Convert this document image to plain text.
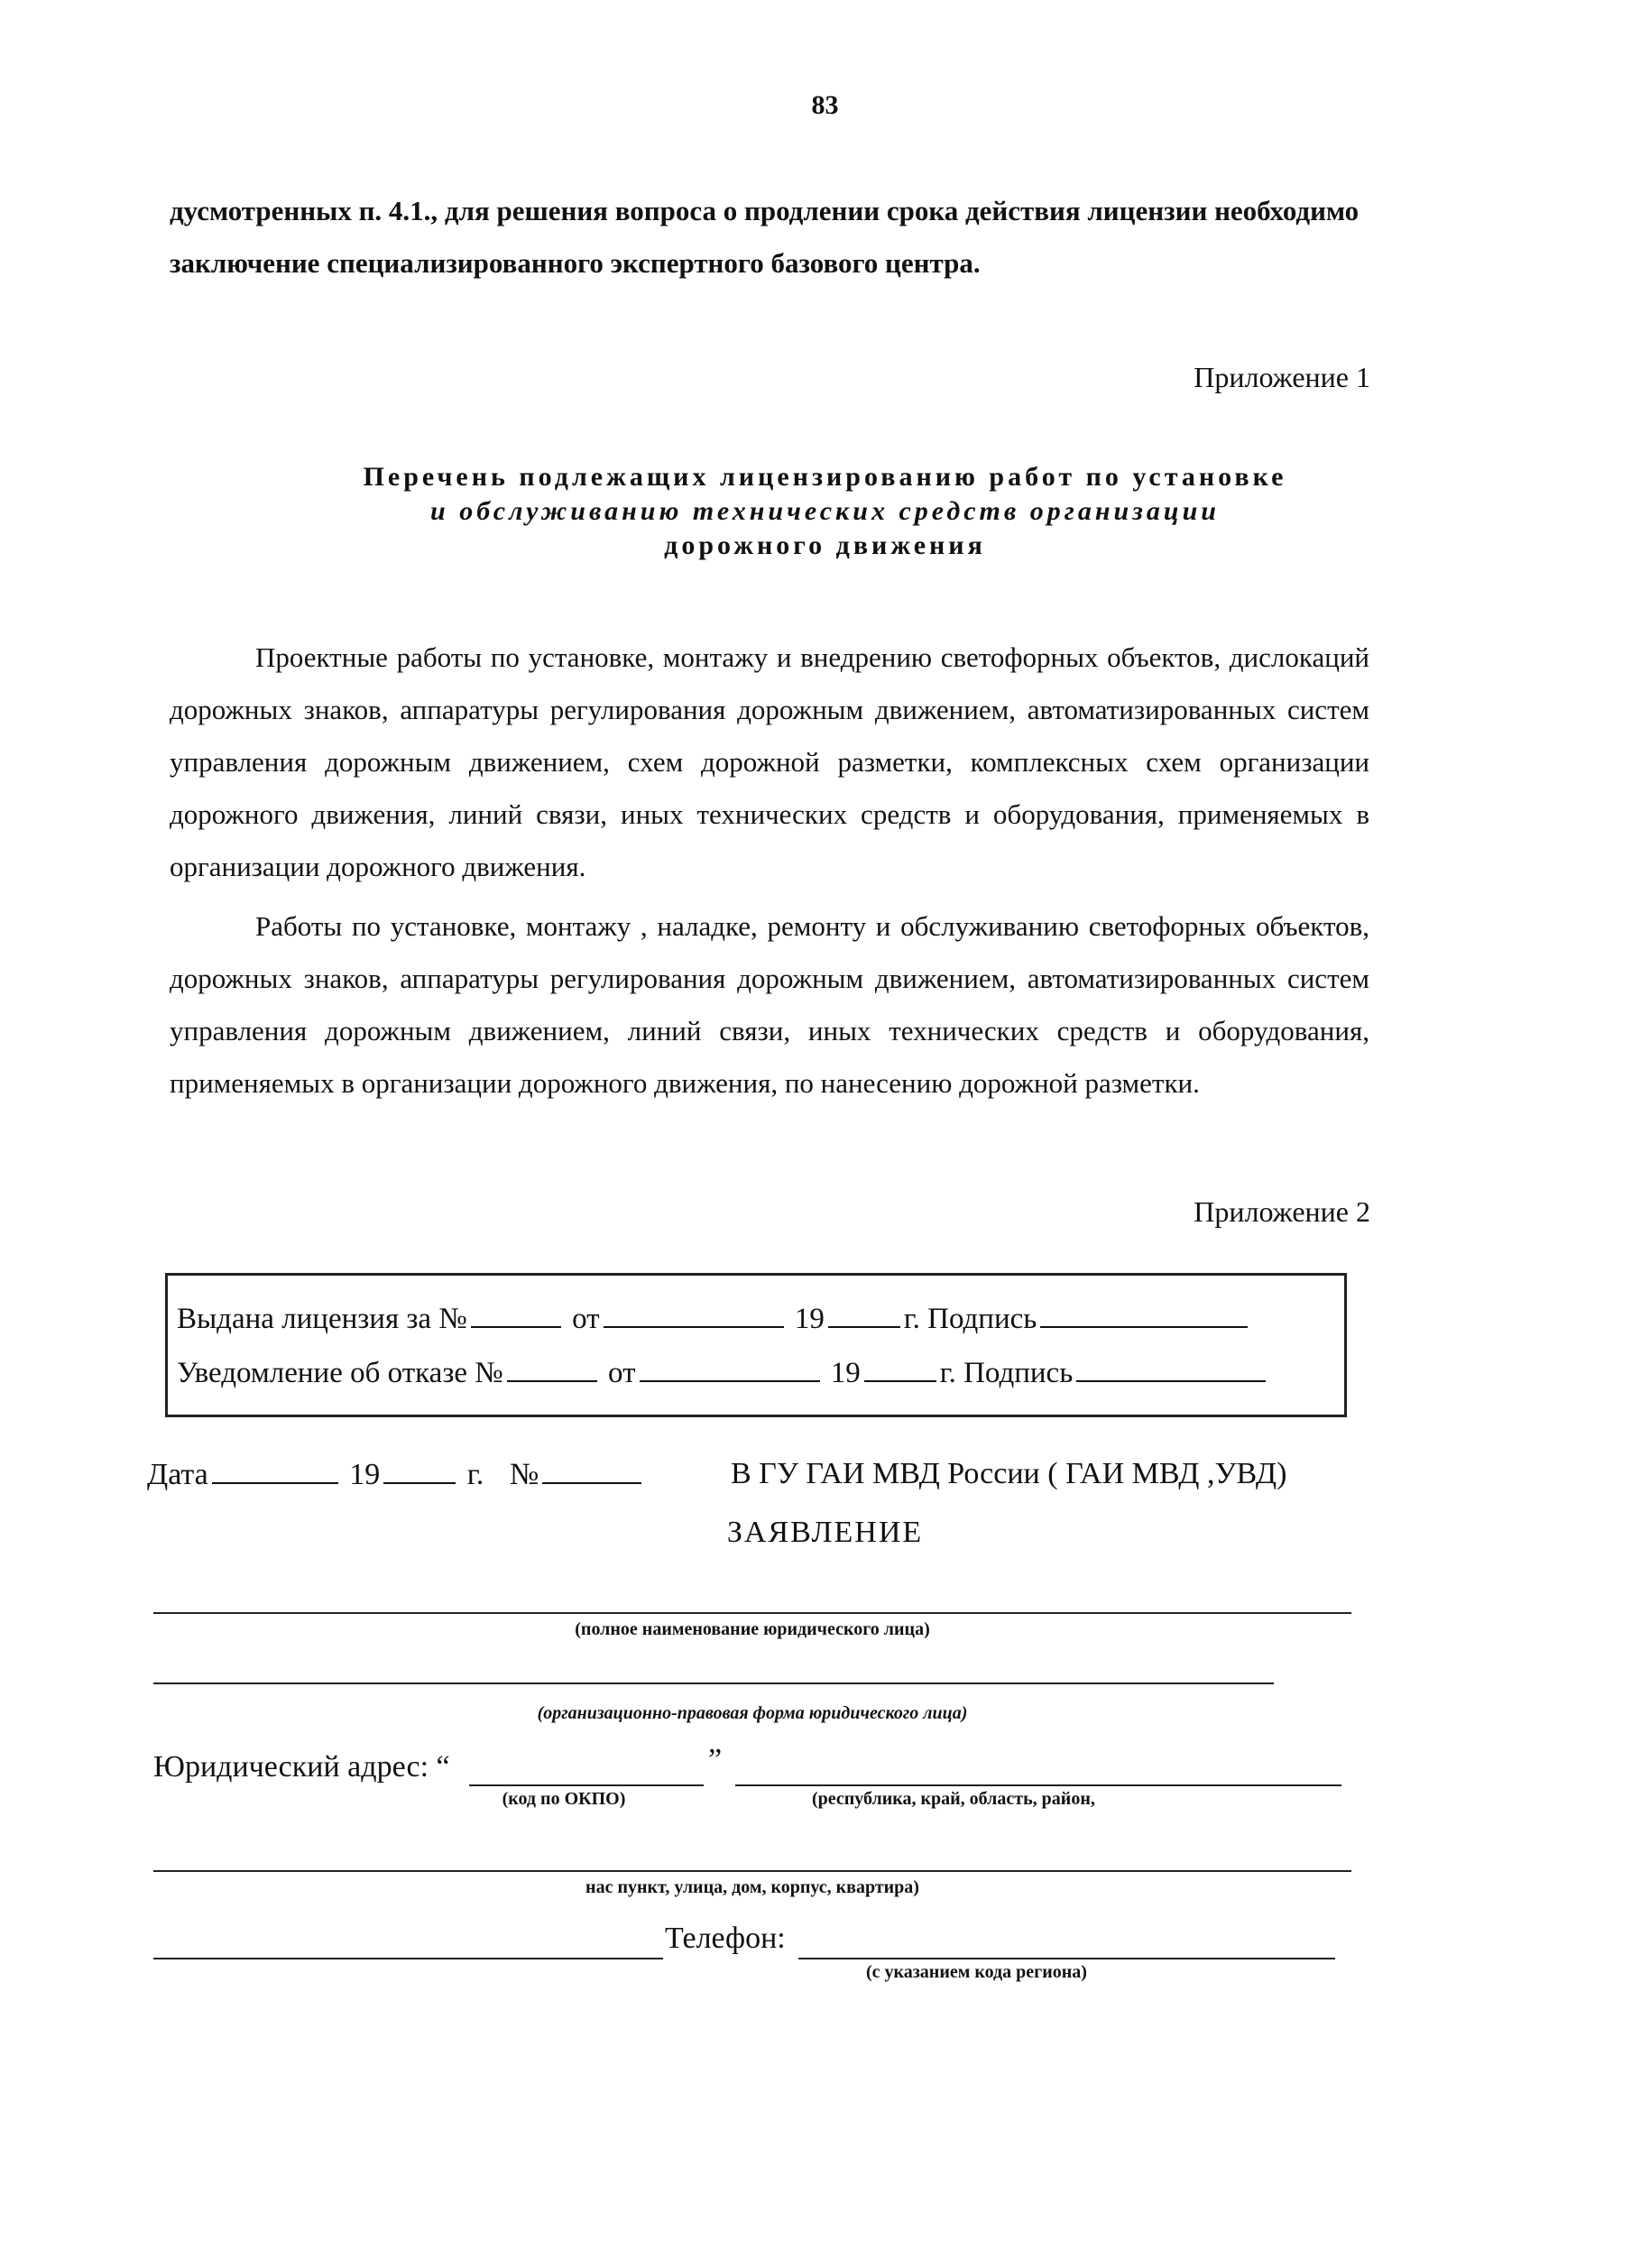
83
дусмотренных п. 4.1., для решения вопроса о продлении срока действия лицензии необходимо заключение специализированного экспертного базового центра.
Приложение 1
Перечень подлежащих лицензированию работ по установке
и обслуживанию технических средств организации
дорожного движения

Проектные работы по установке, монтажу и внедрению светофорных объектов, дислокаций дорожных знаков, аппаратуры регулирования дорожным движением, автоматизированных систем управления дорожным движением, схем дорожной разметки, комплексных схем организации дорожного движения, линий связи, иных технических средств и оборудования, применяемых в организации дорожного движения.

Работы по установке, монтажу , наладке, ремонту и обслуживанию светофорных объектов, дорожных знаков, аппаратуры регулирования дорожным движением, автоматизированных систем управления дорожным движением, линий связи, иных технических средств и оборудования, применяемых в организации дорожного движения, по нанесению дорожной разметки.

Приложение 2
Выдана лицензия за №	от	19	г. Подпись
Уведомление об отказе №	от	19	г. Подпись
Дата	19	г. №	В ГУ ГАИ МВД России ( ГАИ МВД ,УВД)
ЗАЯВЛЕНИЕ
(полное наименование юридического лица)
(организационно-правовая форма юридического лица)
Юридический адрес: “	”
(код по ОКПО)	(республика, край, область, район,
нас пункт, улица, дом, корпус, квартира)
Телефон:
(с указанием кода региона)
